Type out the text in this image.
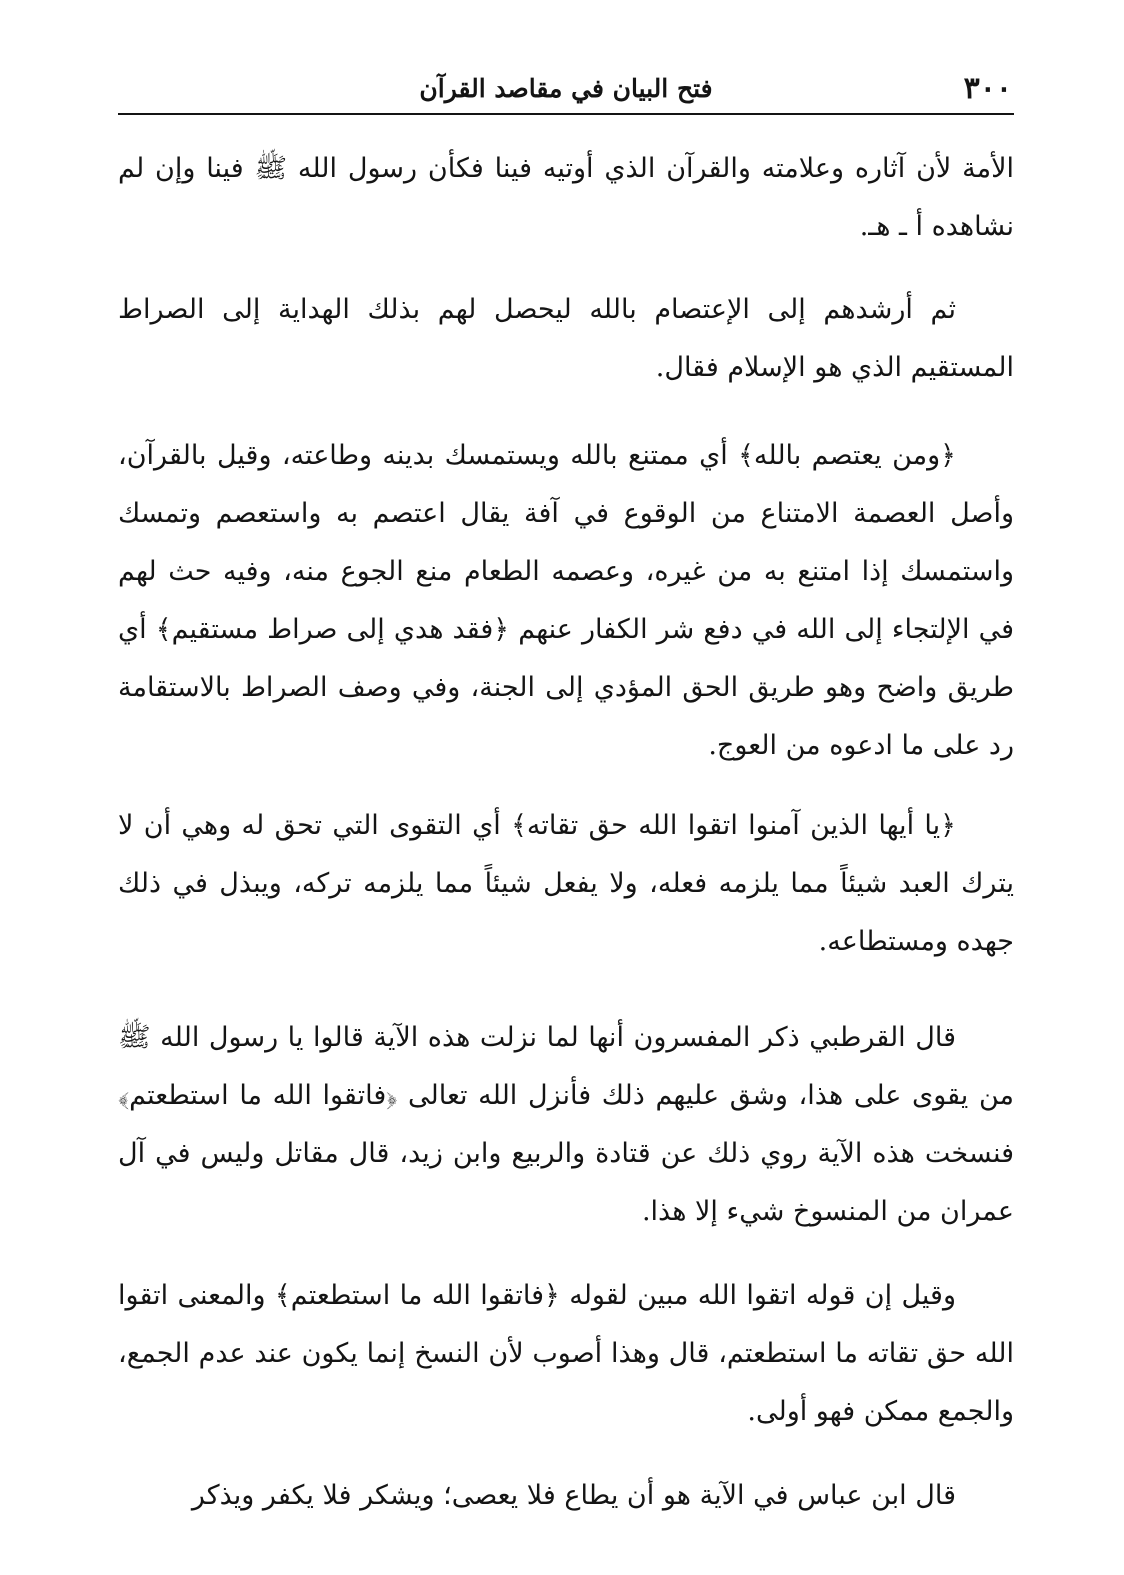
٣٠٠
فتح البيان في مقاصد القرآن

الأمة لأن آثاره وعلامته والقرآن الذي أوتيه فينا فكأن رسول الله ﷺ فينا وإن لم نشاهده أ ـ هـ.

ثم أرشدهم إلى الإعتصام بالله ليحصل لهم بذلك الهداية إلى الصراط المستقيم الذي هو الإسلام فقال.

﴿ومن يعتصم بالله﴾ أي ممتنع بالله ويستمسك بدينه وطاعته، وقيل بالقرآن، وأصل العصمة الامتناع من الوقوع في آفة يقال اعتصم به واستعصم وتمسك واستمسك إذا امتنع به من غيره، وعصمه الطعام منع الجوع منه، وفيه حث لهم في الإلتجاء إلى الله في دفع شر الكفار عنهم ﴿فقد هدي إلى صراط مستقيم﴾ أي طريق واضح وهو طريق الحق المؤدي إلى الجنة، وفي وصف الصراط بالاستقامة رد على ما ادعوه من العوج.

﴿يا أيها الذين آمنوا اتقوا الله حق تقاته﴾ أي التقوى التي تحق له وهي أن لا يترك العبد شيئاً مما يلزمه فعله، ولا يفعل شيئاً مما يلزمه تركه، ويبذل في ذلك جهده ومستطاعه.

قال القرطبي ذكر المفسرون أنها لما نزلت هذه الآية قالوا يا رسول الله ﷺ من يقوى على هذا، وشق عليهم ذلك فأنزل الله تعالى ﴿فاتقوا الله ما استطعتم﴾ فنسخت هذه الآية روي ذلك عن قتادة والربيع وابن زيد، قال مقاتل وليس في آل عمران من المنسوخ شيء إلا هذا.

وقيل إن قوله اتقوا الله مبين لقوله ﴿فاتقوا الله ما استطعتم﴾ والمعنى اتقوا الله حق تقاته ما استطعتم، قال وهذا أصوب لأن النسخ إنما يكون عند عدم الجمع، والجمع ممكن فهو أولى.

قال ابن عباس في الآية هو أن يطاع فلا يعصى؛ ويشكر فلا يكفر ويذكر
